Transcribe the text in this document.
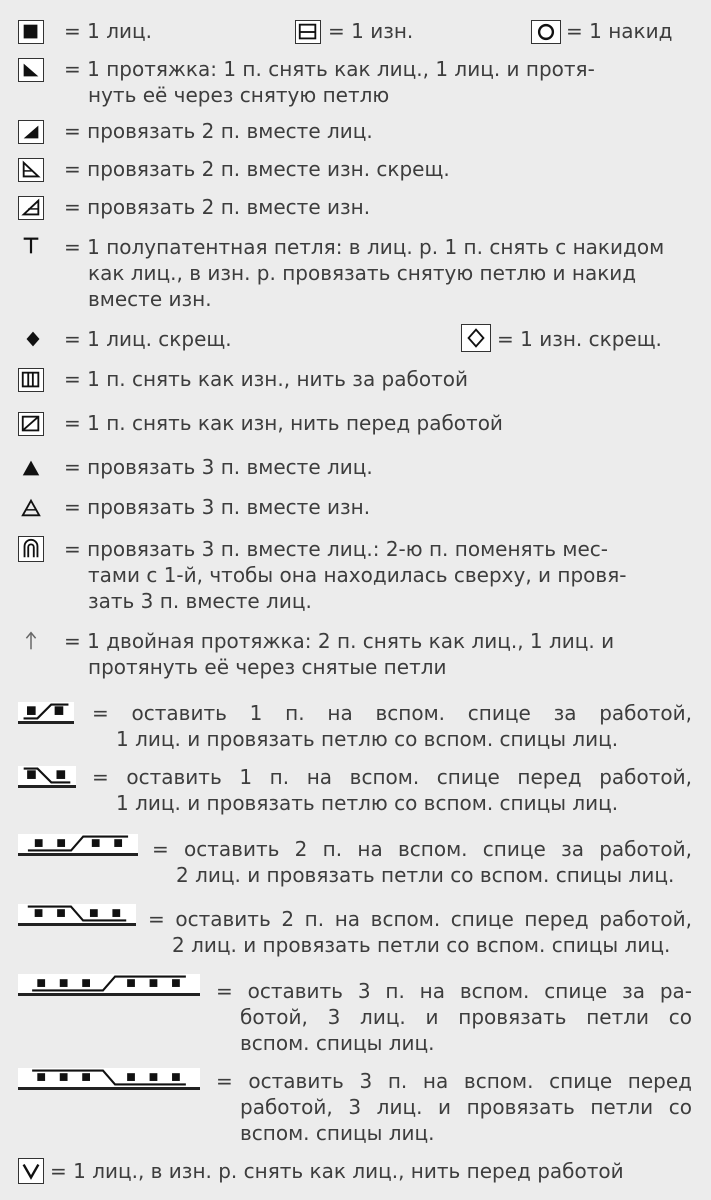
= 1 лиц.	= 1 изн.	= 1 накид
= 1 протяжка: 1 п. снять как лиц., 1 лиц. и протя-
нуть её через снятую петлю
= провязать 2 п. вместе лиц.
= провязать 2 п. вместе изн. скрещ.
= провязать 2 п. вместе изн.
= 1 полупатентная петля: в лиц. р. 1 п. снять с накидом
как лиц., в изн. р. провязать снятую петлю и накид
вместе изн.
= 1 лиц. скрещ.	= 1 изн. скрещ.
= 1 п. снять как изн., нить за работой
= 1 п. снять как изн, нить перед работой
= провязать 3 п. вместе лиц.
= провязать 3 п. вместе изн.
= провязать 3 п. вместе лиц.: 2-ю п. поменять мес-
тами с 1-й, чтобы она находилась сверху, и провя-
зать 3 п. вместе лиц.
= 1 двойная протяжка: 2 п. снять как лиц., 1 лиц. и
протянуть её через снятые петли
= оставить 1 п. на вспом. спице за работой,
1 лиц. и провязать петлю со вспом. спицы лиц.
= оставить 1 п. на вспом. спице перед работой,
1 лиц. и провязать петлю со вспом. спицы лиц.
= оставить 2 п. на вспом. спице за работой,
2 лиц. и провязать петли со вспом. спицы лиц.
= оставить 2 п. на вспом. спице перед работой,
2 лиц. и провязать петли со вспом. спицы лиц.
= оставить 3 п. на вспом. спице за ра-
ботой, 3 лиц. и провязать петли со
вспом. спицы лиц.
= оставить 3 п. на вспом. спице перед
работой, 3 лиц. и провязать петли со
вспом. спицы лиц.
= 1 лиц., в изн. р. снять как лиц., нить перед работой
